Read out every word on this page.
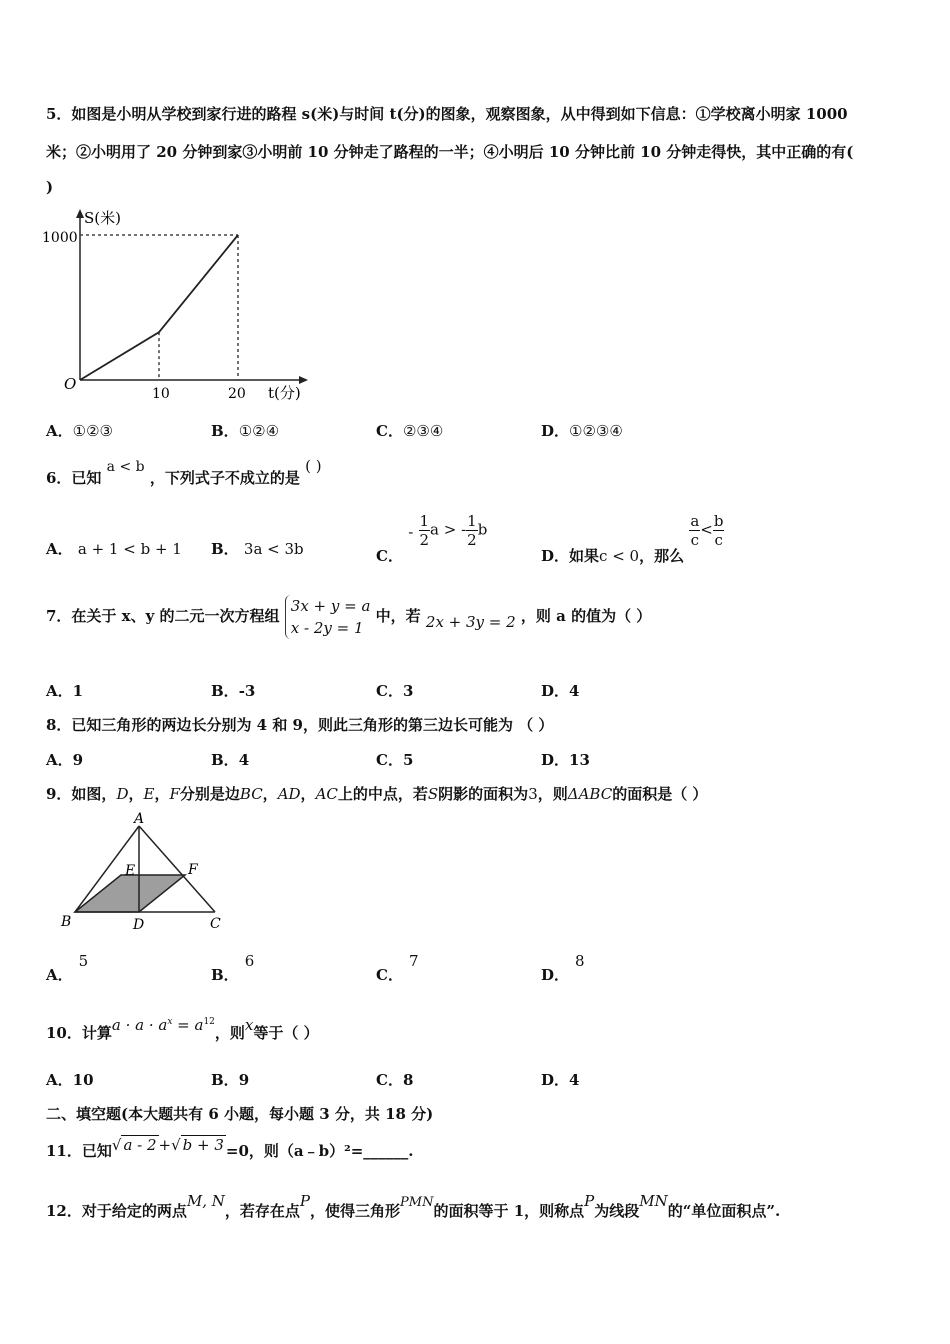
5．如图是小明从学校到家行进的路程 s(米)与时间 t(分)的图象，观察图象，从中得到如下信息：①学校离小明家 1000
米；②小明用了 20 分钟到家③小明前 10 分钟走了路程的一半；④小明后 10 分钟比前 10 分钟走得快，其中正确的有(
)
S(米)
t(分)
O
1000
10	20
A．①②③	B．①②④	C．②③④	D．①②③④
6．已知 a < b ，下列式子不成立的是 ( )
A． a + 1 < b + 1 B． 3a < 3b	C． - $\frac{1}{2}$ a > - $\frac{1}{2}$ b
D．如果c < 0，那么
$\frac{a}{c} < \frac{b}{c}$
7．在关于 x、y 的二元一次方程组
3x + y = a
x - 2y = 1
中，若 2x + 3y = 2 ，则 a 的值为（ ）
A．1	B．-3	C．3	D．4
8．已知三角形的两边长分别为 4 和 9，则此三角形的第三边长可能为 （ ）
A．9	B．4	C．5	D．13
9．如图，D，E，F分别是边BC，AD，AC上的中点，若S阴影的面积为3，则ΔABC的面积是（ ）
A
B	C
D
E	F
A．5
B．6
C．7
D．8
10．计算$a \cdot a \cdot a^x = a^{12}$，则x等于（ ）
A．10	B．9	C．8	D．4
二、填空题(本大题共有 6 小题，每小题 3 分，共 18 分)
11．已知√ a - 2 +√ b + 3 =0，则（a﹣b）²=______.
12．对于给定的两点M, N，若存在点P，使得三角形PMN的面积等于 1，则称点P为线段MN的“单位面积点”.
